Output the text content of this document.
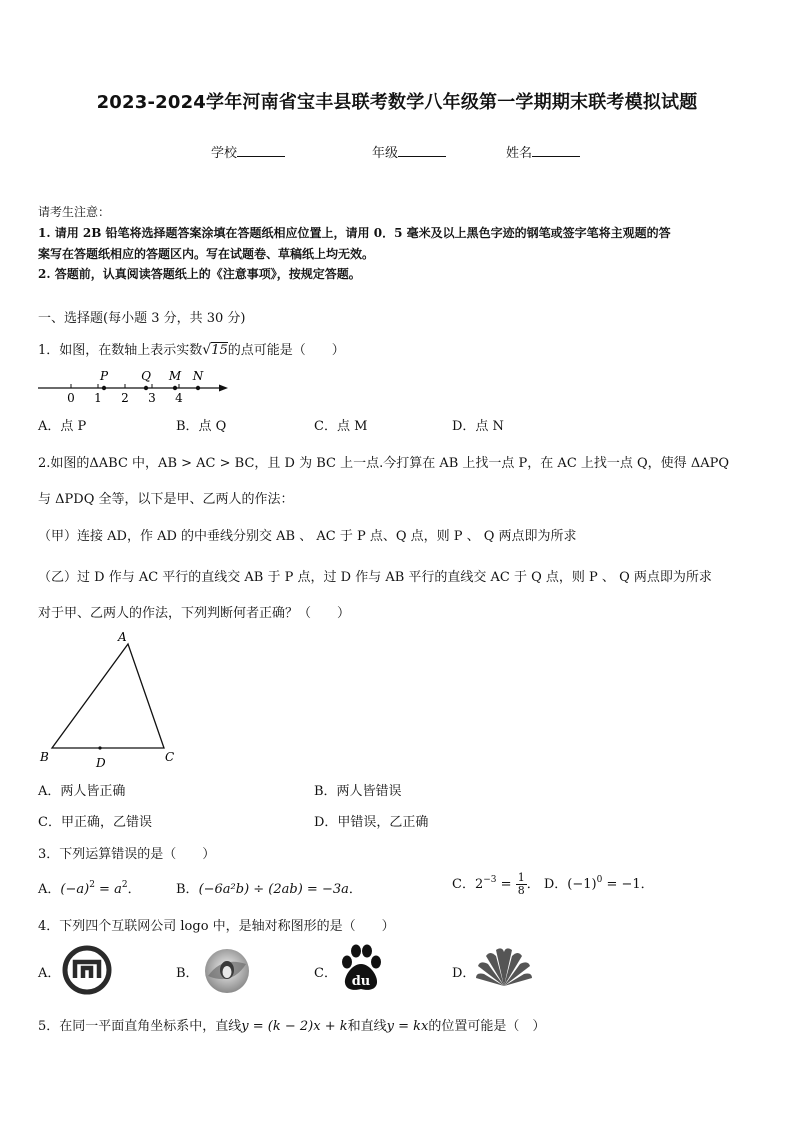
2023-2024学年河南省宝丰县联考数学八年级第一学期期末联考模拟试题
学校	年级	姓名
请考生注意：
1. 请用 2B 铅笔将选择题答案涂填在答题纸相应位置上，请用 0．5 毫米及以上黑色字迹的钢笔或签字笔将主观题的答
案写在答题纸相应的答题区内。写在试题卷、草稿纸上均无效。
2. 答题前，认真阅读答题纸上的《注意事项》，按规定答题。
一、选择题(每小题 3 分，共 30 分)
1．如图，在数轴上表示实数√15的点可能是（　　）
0 1 2 3 4
P	Q M N
A．点 P	B．点 Q	C．点 M	D．点 N
2.如图的ΔABC 中，AB > AC > BC，且 D 为 BC 上一点.今打算在 AB 上找一点 P，在 AC 上找一点 Q，使得 ΔAPQ
与 ΔPDQ 全等，以下是甲、乙两人的作法：
（甲）连接 AD，作 AD 的中垂线分别交 AB 、 AC 于 P 点、Q 点，则 P 、 Q 两点即为所求
（乙）过 D 作与 AC 平行的直线交 AB 于 P 点，过 D 作与 AB 平行的直线交 AC 于 Q 点，则 P 、 Q 两点即为所求
对于甲、乙两人的作法，下列判断何者正确？（　　）
A
B	C
D
A．两人皆正确	B．两人皆错误
C．甲正确，乙错误	D．甲错误，乙正确
3．下列运算错误的是（　　）
A．$(-a)^2 = a^2$．	B．(−6a²b) ÷ (2ab) = −3a．	C．$2^{-3} = \frac{1}{8}$ ． D．$(-1)^0 = -1$．
4．下列四个互联网公司 logo 中，是轴对称图形的是（　　）
A．	B．	C．
du
D．
5．在同一平面直角坐标系中，直线y = (k − 2)x + k和直线y = kx的位置可能是（　）
